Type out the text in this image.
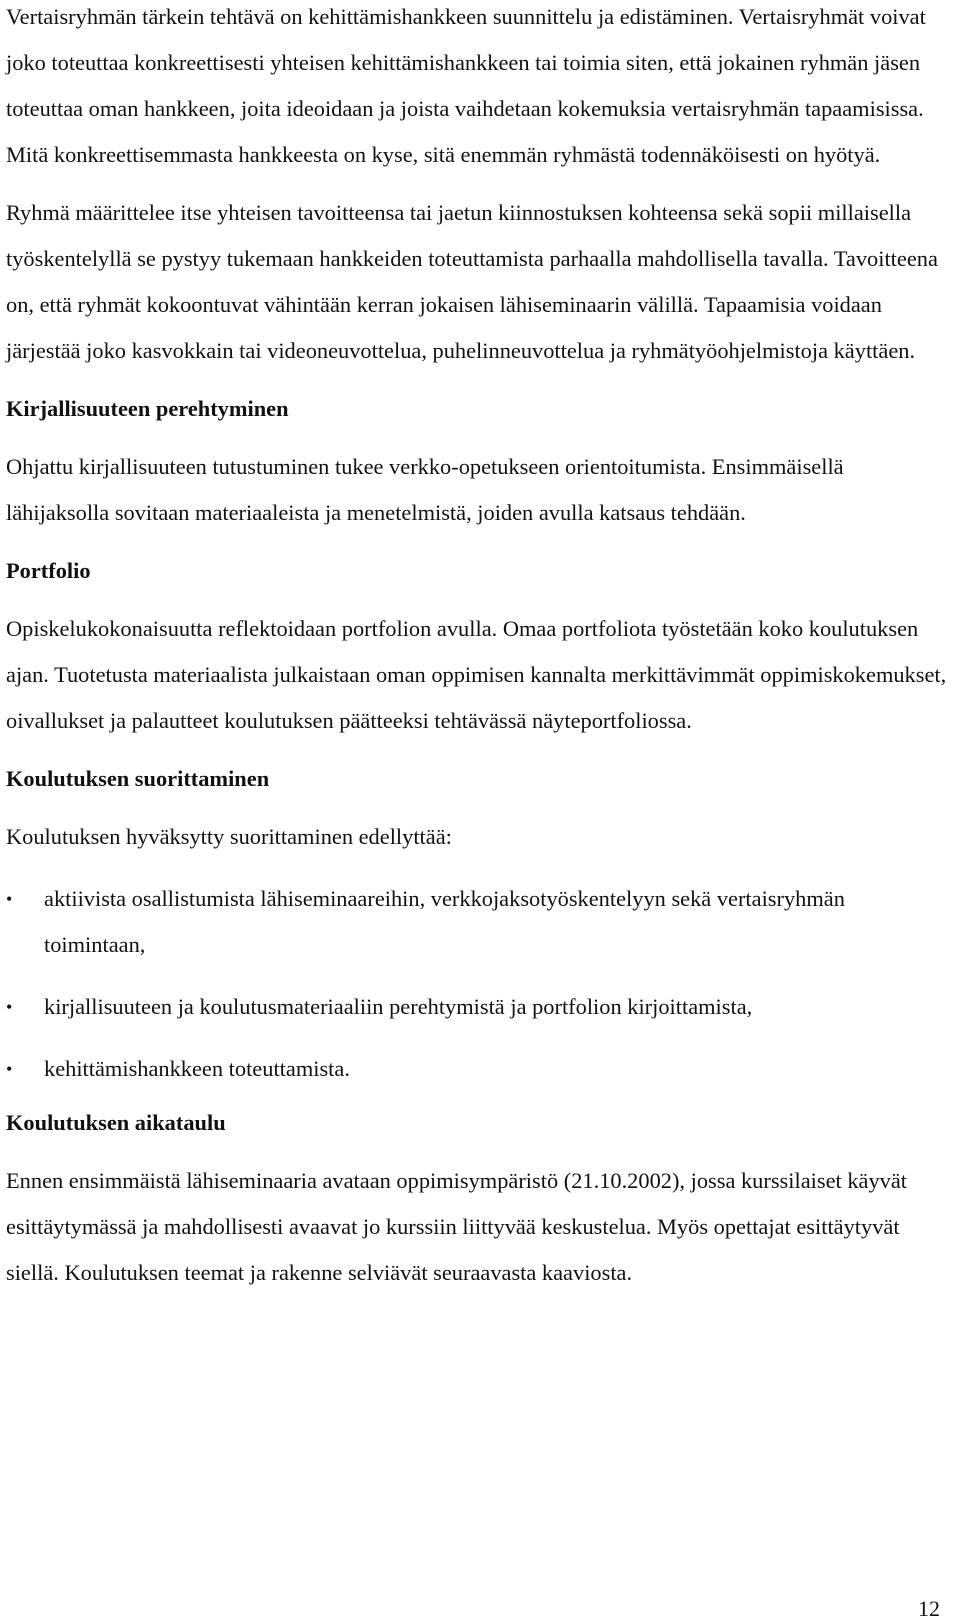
Vertaisryhmän tärkein tehtävä on kehittämishankkeen suunnittelu ja edistäminen. Vertaisryhmät voivat joko toteuttaa konkreettisesti yhteisen kehittämishankkeen tai toimia siten, että jokainen ryhmän jäsen toteuttaa oman hankkeen, joita ideoidaan ja joista vaihdetaan kokemuksia vertaisryhmän tapaamisissa. Mitä konkreettisemmasta hankkeesta on kyse, sitä enemmän ryhmästä todennäköisesti on hyötyä.

Ryhmä määrittelee itse yhteisen tavoitteensa tai jaetun kiinnostuksen kohteensa sekä sopii millaisella työskentelyllä se pystyy tukemaan hankkeiden toteuttamista parhaalla mahdollisella tavalla. Tavoitteena on, että ryhmät kokoontuvat vähintään kerran jokaisen lähiseminaarin välillä. Tapaamisia voidaan järjestää joko kasvokkain tai videoneuvottelua, puhelinneuvottelua ja ryhmätyöohjelmistoja käyttäen.

Kirjallisuuteen perehtyminen

Ohjattu kirjallisuuteen tutustuminen tukee verkko-opetukseen orientoitumista. Ensimmäisellä lähijaksolla sovitaan materiaaleista ja menetelmistä, joiden avulla katsaus tehdään.

Portfolio

Opiskelukokonaisuutta reflektoidaan portfolion avulla. Omaa portfoliota työstetään koko koulutuksen ajan. Tuotetusta materiaalista julkaistaan oman oppimisen kannalta merkittävimmät oppimiskokemukset, oivallukset ja palautteet koulutuksen päätteeksi tehtävässä näyteportfoliossa.

Koulutuksen suorittaminen

Koulutuksen hyväksytty suorittaminen edellyttää:

•	aktiivista osallistumista lähiseminaareihin, verkkojaksotyöskentelyyn sekä vertaisryhmän toimintaan,
•	kirjallisuuteen ja koulutusmateriaaliin perehtymistä ja portfolion kirjoittamista,
•	kehittämishankkeen toteuttamista.
Koulutuksen aikataulu

Ennen ensimmäistä lähiseminaaria avataan oppimisympäristö (21.10.2002), jossa kurssilaiset käyvät esittäytymässä ja mahdollisesti avaavat jo kurssiin liittyvää keskustelua. Myös opettajat esittäytyvät siellä. Koulutuksen teemat ja rakenne selviävät seuraavasta kaaviosta.

12
